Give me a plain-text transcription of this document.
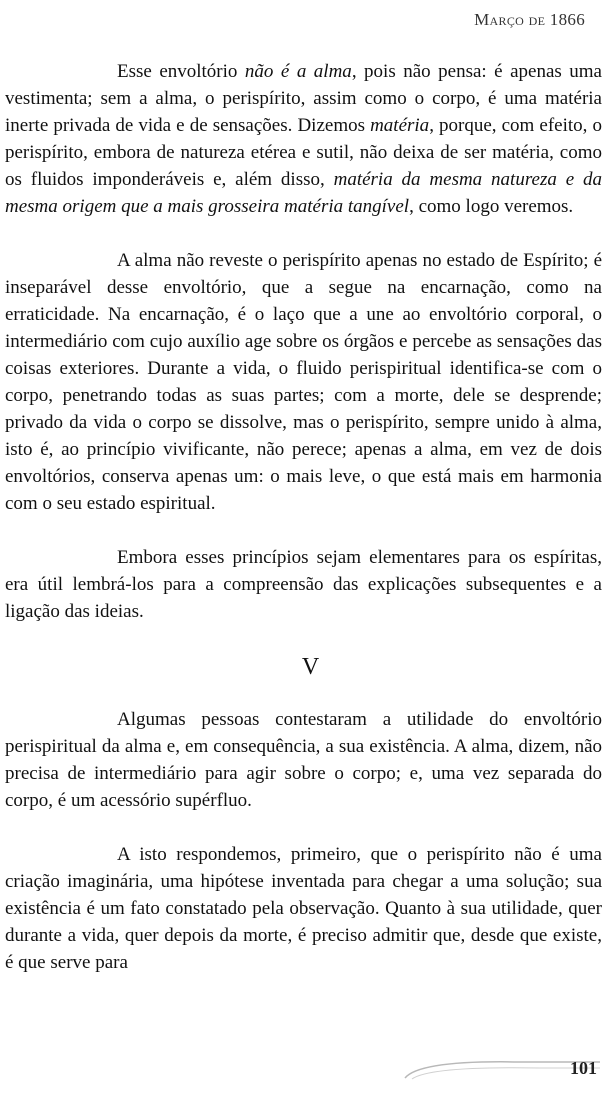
Março de 1866

Esse envoltório não é a alma, pois não pensa: é apenas uma vestimenta; sem a alma, o perispírito, assim como o corpo, é uma matéria inerte privada de vida e de sensações. Dizemos matéria, porque, com efeito, o perispírito, embora de natureza etérea e sutil, não deixa de ser matéria, como os fluidos imponderáveis e, além disso, matéria da mesma natureza e da mesma origem que a mais grosseira matéria tangível, como logo veremos.

A alma não reveste o perispírito apenas no estado de Espírito; é inseparável desse envoltório, que a segue na encarnação, como na erraticidade. Na encarnação, é o laço que a une ao envoltório corporal, o intermediário com cujo auxílio age sobre os órgãos e percebe as sensações das coisas exteriores. Durante a vida, o fluido perispiritual identifica-se com o corpo, penetrando todas as suas partes; com a morte, dele se desprende; privado da vida o corpo se dissolve, mas o perispírito, sempre unido à alma, isto é, ao princípio vivificante, não perece; apenas a alma, em vez de dois envoltórios, conserva apenas um: o mais leve, o que está mais em harmonia com o seu estado espiritual.

Embora esses princípios sejam elementares para os espíritas, era útil lembrá-los para a compreensão das explicações subsequentes e a ligação das ideias.

V

Algumas pessoas contestaram a utilidade do envoltório perispiritual da alma e, em consequência, a sua existência. A alma, dizem, não precisa de intermediário para agir sobre o corpo; e, uma vez separada do corpo, é um acessório supérfluo.

A isto respondemos, primeiro, que o perispírito não é uma criação imaginária, uma hipótese inventada para chegar a uma solução; sua existência é um fato constatado pela observação. Quanto à sua utilidade, quer durante a vida, quer depois da morte, é preciso admitir que, desde que existe, é que serve para

101
